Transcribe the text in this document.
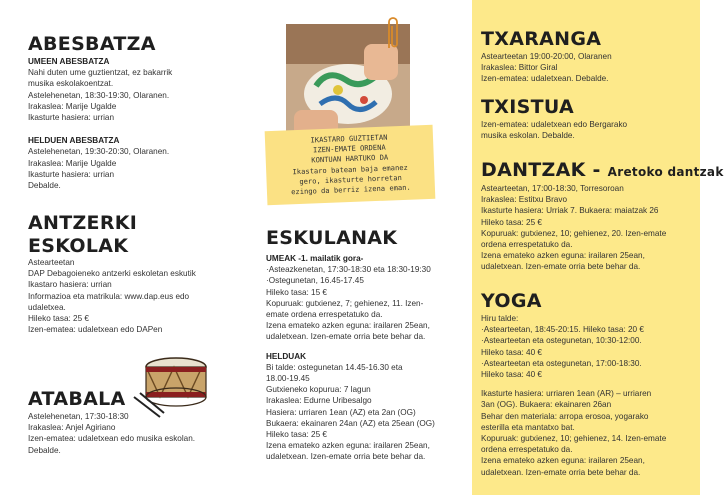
ABESBATZA
UMEEN ABESBATZA
Nahi duten ume guztientzat, ez bakarrik
musika eskolakoentzat.
Astelehenetan, 18:30-19:30, Olaranen.
Irakaslea: Marije Ugalde
Ikasturte hasiera: urrian
HELDUEN ABESBATZA
Astelehenetan, 19:30-20:30, Olaranen.
Irakaslea: Marije Ugalde
Ikasturte hasiera: urrian
Debalde.
ANTZERKI
ESKOLAK
Astearteetan
DAP Debagoieneko antzerki eskoletan eskutik
Ikastaro hasiera: urrian
Informazioa eta matrikula: www.dap.eus edo
udaletxea.
Hileko tasa: 25 €
Izen-ematea: udaletxean edo DAPen
ATABALA
Astelehenetan, 17:30-18:30
Irakaslea: Anjel Agiriano
Izen-ematea: udaletxean edo musika eskolan.
Debalde.
IKASTARO GUZTIETAN
IZEN-EMATE ORDENA
KONTUAN HARTUKO DA
Ikastaro batean baja emanez
gero, ikasturte horretan
ezingo da berriz izena eman.
ESKULANAK
UMEAK -1. mailatik gora-
·Asteazkenetan, 17:30-18:30 eta 18:30-19:30
·Ostegunetan, 16.45-17.45
Hileko tasa: 15 €
Kopuruak: gutxienez, 7; gehienez, 11. Izen-
emate ordena errespetatuko da.
Izena emateko azken eguna: irailaren 25ean,
udaletxean. Izen-emate orria bete behar da.
HELDUAK
Bi talde: ostegunetan 14.45-16.30 eta
18.00-19.45
Gutxieneko kopurua: 7 lagun
Irakaslea: Edurne Uribesalgo
Hasiera: urriaren 1ean (AZ) eta 2an (OG)
Bukaera: ekainaren 24an (AZ) eta 25ean (OG)
Hileko tasa: 25 €
Izena emateko azken eguna: irailaren 25ean,
udaletxean. Izen-emate orria bete behar da.
TXARANGA
Astearteetan 19:00-20:00, Olaranen
Irakaslea: Bittor Giral
Izen-ematea: udaletxean. Debalde.
TXISTUA
Izen-ematea: udaletxean edo Bergarako
musika eskolan. Debalde.
DANTZAK - Aretoko dantzak
Astearteetan, 17:00-18:30, Torresoroan
Irakaslea: Estitxu Bravo
Ikasturte hasiera: Urriak 7. Bukaera: maiatzak 26
Hileko tasa: 25 €
Kopuruak: gutxienez, 10; gehienez, 20. Izen-emate
ordena errespetatuko da.
Izena emateko azken eguna: irailaren 25ean,
udaletxean. Izen-emate orria bete behar da.
YOGA
Hiru talde:
·Astearteetan, 18:45-20:15. Hileko tasa: 20 €
·Astearteetan eta ostegunetan, 10:30-12:00.
Hileko tasa: 40 €
·Astearteetan eta ostegunetan, 17:00-18:30.
Hileko tasa: 40 €
Ikasturte hasiera: urriaren 1ean (AR) – urriaren
3an (OG). Bukaera: ekainaren 26an
Behar den materiala: arropa erosoa, yogarako
esterilla eta mantatxo bat.
Kopuruak: gutxienez, 10; gehienez, 14. Izen-emate
ordena errespetatuko da.
Izena emateko azken eguna: irailaren 25ean,
udaletxean. Izen-emate orria bete behar da.
